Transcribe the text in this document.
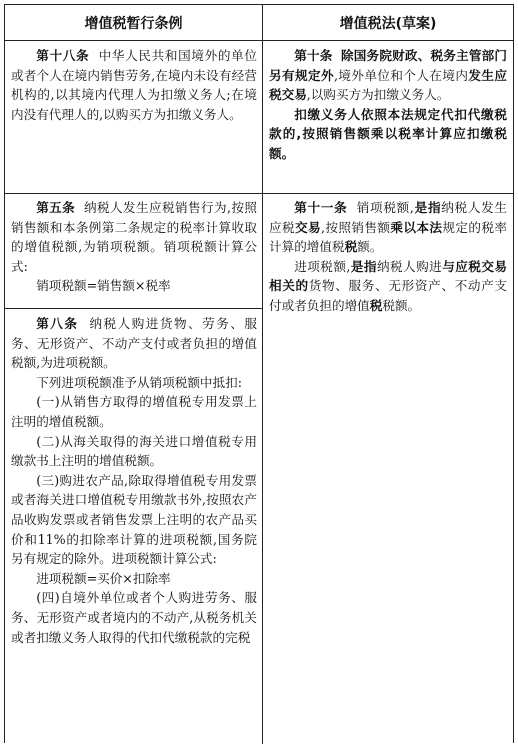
增值税暂行条例	增值税法(草案)

第十八条 中华人民共和国境外的单位或者个人在境内销售劳务,在境内未设有经营机构的,以其境内代理人为扣缴义务人;在境内没有代理人的,以购买方为扣缴义务人。

第十条 除国务院财政、税务主管部门另有规定外,境外单位和个人在境内发生应税交易,以购买方为扣缴义务人。

扣缴义务人依照本法规定代扣代缴税款的,按照销售额乘以税率计算应扣缴税额。

第五条 纳税人发生应税销售行为,按照销售额和本条例第二条规定的税率计算收取的增值税额,为销项税额。销项税额计算公式:

销项税额=销售额×税率

第八条 纳税人购进货物、劳务、服务、无形资产、不动产支付或者负担的增值税额,为进项税额。

下列进项税额准予从销项税额中抵扣:

(一)从销售方取得的增值税专用发票上注明的增值税额。

(二)从海关取得的海关进口增值税专用缴款书上注明的增值税额。

(三)购进农产品,除取得增值税专用发票或者海关进口增值税专用缴款书外,按照农产品收购发票或者销售发票上注明的农产品买价和11%的扣除率计算的进项税额,国务院另有规定的除外。进项税额计算公式:

进项税额=买价×扣除率

(四)自境外单位或者个人购进劳务、服务、无形资产或者境内的不动产,从税务机关或者扣缴义务人取得的代扣代缴税款的完税

第十一条 销项税额,是指纳税人发生应税交易,按照销售额乘以本法规定的税率计算的增值税税额。

进项税额,是指纳税人购进与应税交易相关的货物、服务、无形资产、不动产支付或者负担的增值税税额。
